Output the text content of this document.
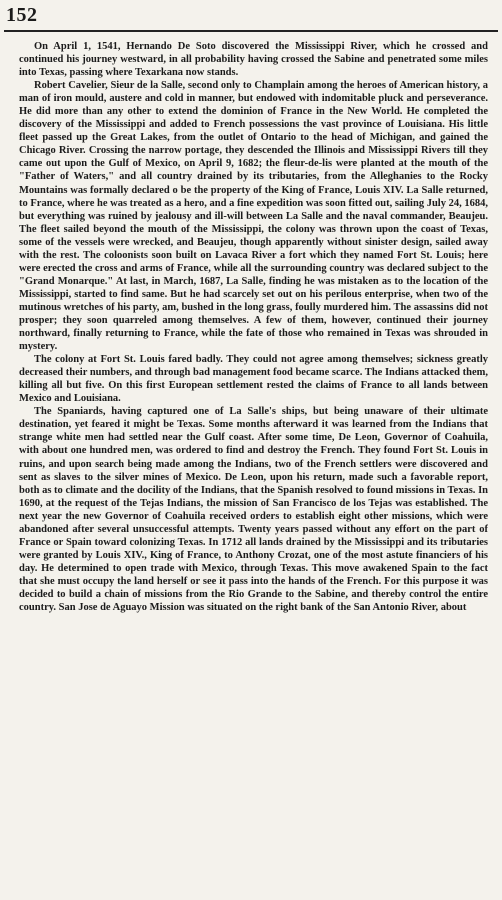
152

On April 1, 1541, Hernando De Soto discovered the Mississippi River, which he crossed and continued his journey westward, in all probability having crossed the Sabine and penetrated some miles into Texas, passing where Texarkana now stands.

Robert Cavelier, Sieur de la Salle, second only to Champlain among the heroes of American history, a man of iron mould, austere and cold in manner, but endowed with indomitable pluck and perseverance. He did more than any other to extend the dominion of France in the New World. He completed the discovery of the Mississippi and added to French possessions the vast province of Louisiana. His little fleet passed up the Great Lakes, from the outlet of Ontario to the head of Michigan, and gained the Chicago River. Crossing the narrow portage, they descended the Illinois and Mississippi Rivers till they came out upon the Gulf of Mexico, on April 9, 1682; the fleur-de-lis were planted at the mouth of the "Father of Waters," and all country drained by its tributaries, from the Alleghanies to the Rocky Mountains was formally declared o be the property of the King of France, Louis XIV. La Salle returned, to France, where he was treated as a hero, and a fine expedition was soon fitted out, sailing July 24, 1684, but everything was ruined by jealousy and ill-will between La Salle and the naval commander, Beaujeu. The fleet sailed beyond the mouth of the Mississippi, the colony was thrown upon the coast of Texas, some of the vessels were wrecked, and Beaujeu, though apparently without sinister design, sailed away with the rest. The coloonists soon built on Lavaca River a fort which they named Fort St. Louis; here were erected the cross and arms of France, while all the surrounding country was declared subject to the "Grand Monarque." At last, in March, 1687, La Salle, finding he was mistaken as to the location of the Mississippi, started to find same. But he had scarcely set out on his perilous enterprise, when two of the mutinous wretches of his party, am, bushed in the long grass, foully murdered him. The assassins did not prosper; they soon quarreled among themselves. A few of them, however, continued their journey northward, finally returning to France, while the fate of those who remained in Texas was shrouded in mystery.

The colony at Fort St. Louis fared badly. They could not agree among themselves; sickness greatly decreased their numbers, and through bad management food became scarce. The Indians attacked them, killing all but five. On this first European settlement rested the claims of France to all lands between Mexico and Louisiana.

The Spaniards, having captured one of La Salle's ships, but being unaware of their ultimate destination, yet feared it might be Texas. Some months afterward it was learned from the Indians that strange white men had settled near the Gulf coast. After some time, De Leon, Governor of Coahuila, with about one hundred men, was ordered to find and destroy the French. They found Fort St. Louis in ruins, and upon search being made among the Indians, two of the French settlers were discovered and sent as slaves to the silver mines of Mexico. De Leon, upon his return, made such a favorable report, both as to climate and the docility of the Indians, that the Spanish resolved to found missions in Texas. In 1690, at the request of the Tejas Indians, the mission of San Francisco de los Tejas was established. The next year the new Governor of Coahuila received orders to establish eight other missions, which were abandoned after several unsuccessful attempts. Twenty years passed without any effort on the part of France or Spain toward colonizing Texas. In 1712 all lands drained by the Mississippi and its tributaries were granted by Louis XIV., King of France, to Anthony Crozat, one of the most astute financiers of his day. He determined to open trade with Mexico, through Texas. This move awakened Spain to the fact that she must occupy the land herself or see it pass into the hands of the French. For this purpose it was decided to build a chain of missions from the Rio Grande to the Sabine, and thereby control the entire country. San Jose de Aguayo Mission was situated on the right bank of the San Antonio River, about
